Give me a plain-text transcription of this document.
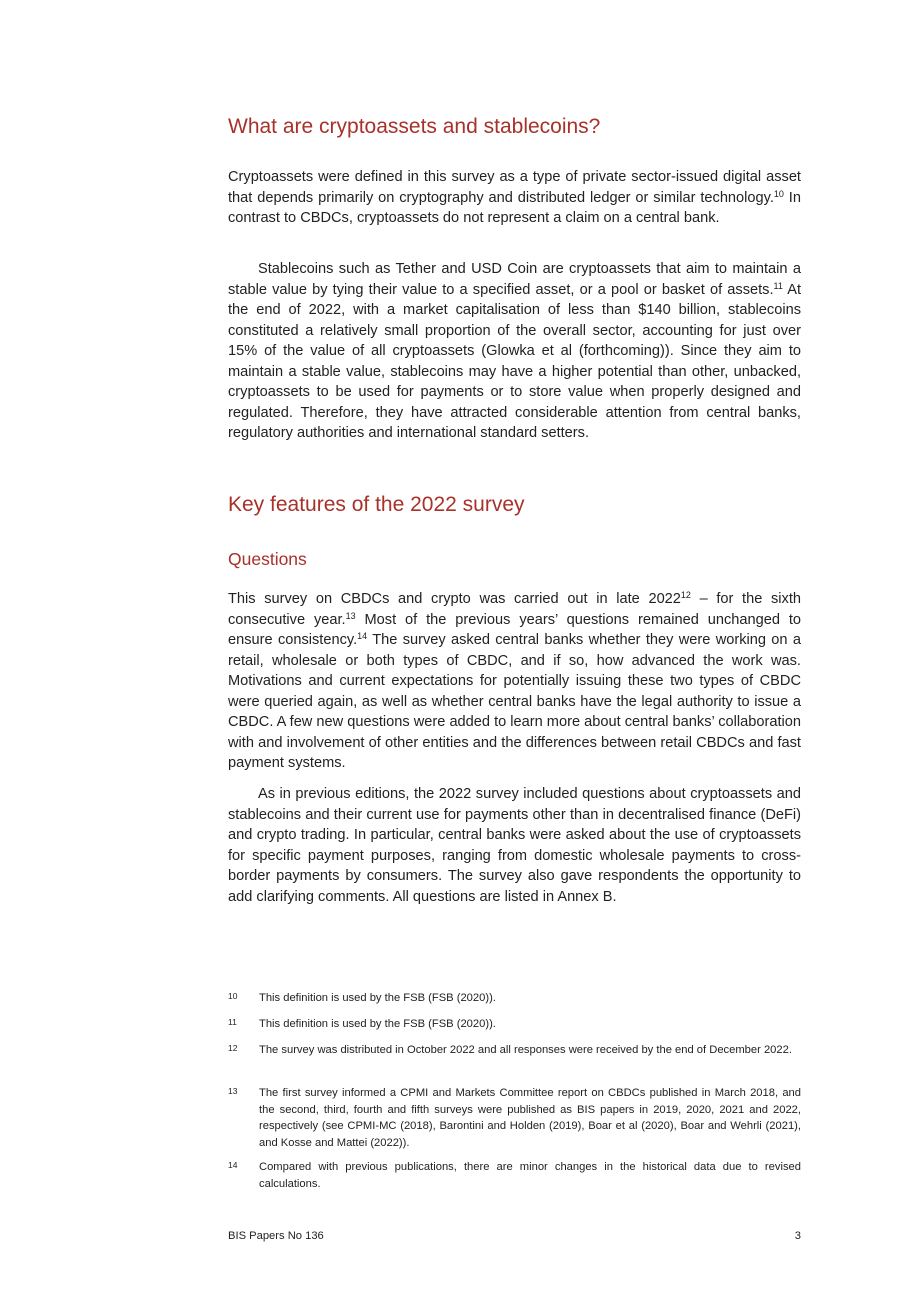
What are cryptoassets and stablecoins?

Cryptoassets were defined in this survey as a type of private sector-issued digital asset that depends primarily on cryptography and distributed ledger or similar technology.$^{10}$ In contrast to CBDCs, cryptoassets do not represent a claim on a central bank.

Stablecoins such as Tether and USD Coin are cryptoassets that aim to maintain a stable value by tying their value to a specified asset, or a pool or basket of assets.$^{11}$ At the end of 2022, with a market capitalisation of less than $140 billion, stablecoins constituted a relatively small proportion of the overall sector, accounting for just over 15% of the value of all cryptoassets (Glowka et al (forthcoming)). Since they aim to maintain a stable value, stablecoins may have a higher potential than other, unbacked, cryptoassets to be used for payments or to store value when properly designed and regulated. Therefore, they have attracted considerable attention from central banks, regulatory authorities and international standard setters.

Key features of the 2022 survey
Questions

This survey on CBDCs and crypto was carried out in late 2022$^{12}$ – for the sixth consecutive year.$^{13}$ Most of the previous years’ questions remained unchanged to ensure consistency.$^{14}$ The survey asked central banks whether they were working on a retail, wholesale or both types of CBDC, and if so, how advanced the work was. Motivations and current expectations for potentially issuing these two types of CBDC were queried again, as well as whether central banks have the legal authority to issue a CBDC. A few new questions were added to learn more about central banks’ collaboration with and involvement of other entities and the differences between retail CBDCs and fast payment systems.

As in previous editions, the 2022 survey included questions about cryptoassets and stablecoins and their current use for payments other than in decentralised finance (DeFi) and crypto trading. In particular, central banks were asked about the use of cryptoassets for specific payment purposes, ranging from domestic wholesale payments to cross-border payments by consumers. The survey also gave respondents the opportunity to add clarifying comments. All questions are listed in Annex B.

10 This definition is used by the FSB (FSB (2020)).
11 This definition is used by the FSB (FSB (2020)).
12 The survey was distributed in October 2022 and all responses were received by the end of December 2022.
13 The first survey informed a CPMI and Markets Committee report on CBDCs published in March 2018, and the second, third, fourth and fifth surveys were published as BIS papers in 2019, 2020, 2021 and 2022, respectively (see CPMI-MC (2018), Barontini and Holden (2019), Boar et al (2020), Boar and Wehrli (2021), and Kosse and Mattei (2022)).
14 Compared with previous publications, there are minor changes in the historical data due to revised calculations.
BIS Papers No 136	3
